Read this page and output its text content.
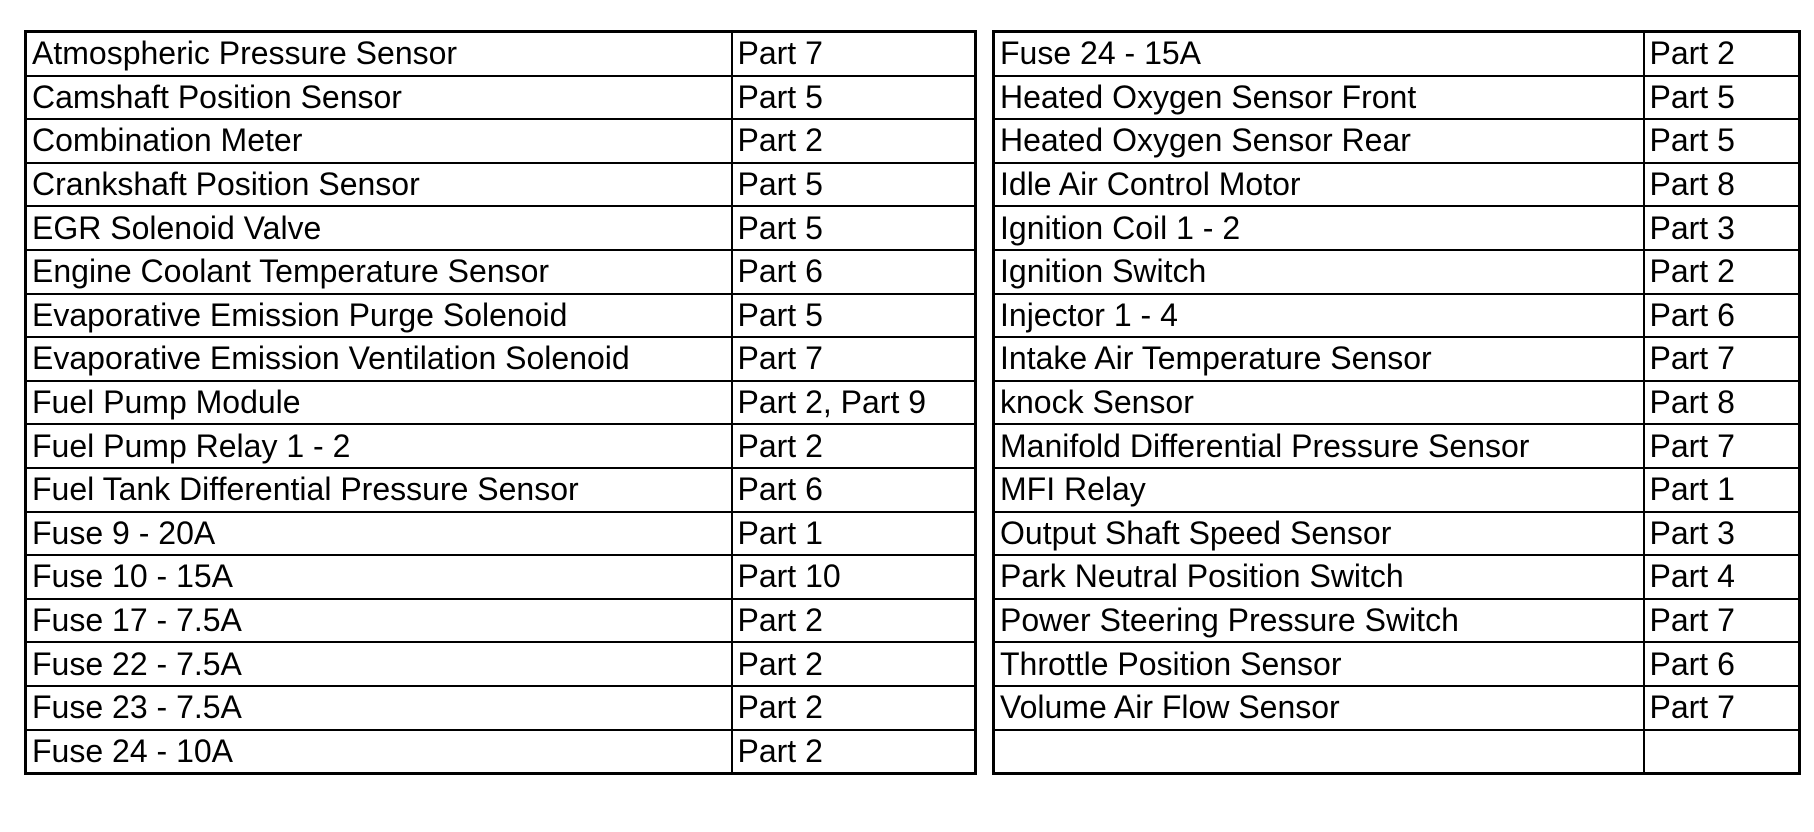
Atmospheric Pressure Sensor	Part 7
Camshaft Position Sensor	Part 5
Combination Meter	Part 2
Crankshaft Position Sensor	Part 5
EGR Solenoid Valve	Part 5
Engine Coolant Temperature Sensor	Part 6
Evaporative Emission Purge Solenoid	Part 5
Evaporative Emission Ventilation Solenoid	Part 7
Fuel Pump Module	Part 2, Part 9
Fuel Pump Relay 1 - 2	Part 2
Fuel Tank Differential Pressure Sensor	Part 6
Fuse 9 - 20A	Part 1
Fuse 10 - 15A	Part 10
Fuse 17 - 7.5A	Part 2
Fuse 22 - 7.5A	Part 2
Fuse 23 - 7.5A	Part 2
Fuse 24 - 10A	Part 2
Fuse 24 - 15A	Part 2
Heated Oxygen Sensor Front	Part 5
Heated Oxygen Sensor Rear	Part 5
Idle Air Control Motor	Part 8
Ignition Coil 1 - 2	Part 3
Ignition Switch	Part 2
Injector 1 - 4	Part 6
Intake Air Temperature Sensor	Part 7
knock Sensor	Part 8
Manifold Differential Pressure Sensor	Part 7
MFI Relay	Part 1
Output Shaft Speed Sensor	Part 3
Park Neutral Position Switch	Part 4
Power Steering Pressure Switch	Part 7
Throttle Position Sensor	Part 6
Volume Air Flow Sensor	Part 7
